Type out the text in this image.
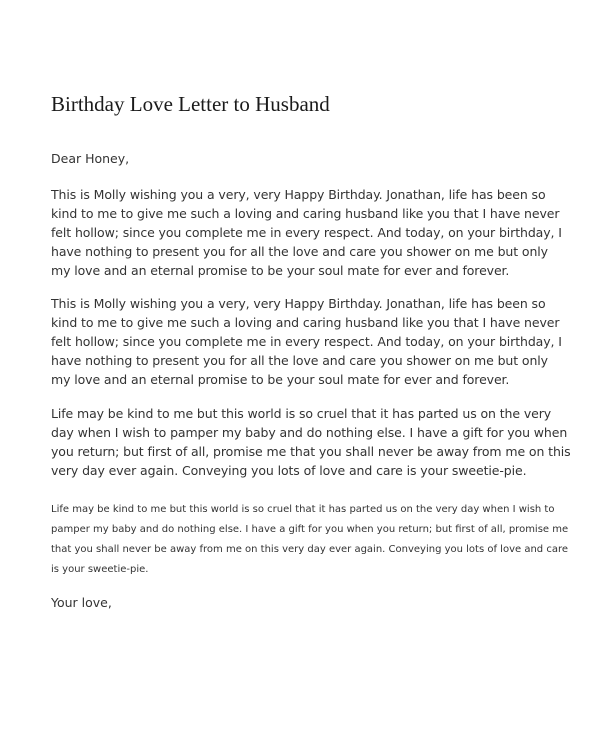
Birthday Love Letter to Husband

Dear Honey,

This is Molly wishing you a very, very Happy Birthday. Jonathan, life has been so kind to me to give me such a loving and caring husband like you that I have never felt hollow; since you complete me in every respect. And today, on your birthday, I have nothing to present you for all the love and care you shower on me but only my love and an eternal promise to be your soul mate for ever and forever.

This is Molly wishing you a very, very Happy Birthday. Jonathan, life has been so kind to me to give me such a loving and caring husband like you that I have never felt hollow; since you complete me in every respect. And today, on your birthday, I have nothing to present you for all the love and care you shower on me but only my love and an eternal promise to be your soul mate for ever and forever.

Life may be kind to me but this world is so cruel that it has parted us on the very day when I wish to pamper my baby and do nothing else. I have a gift for you when you return; but first of all, promise me that you shall never be away from me on this very day ever again. Conveying you lots of love and care is your sweetie-pie.

Life may be kind to me but this world is so cruel that it has parted us on the very day when I wish to pamper my baby and do nothing else. I have a gift for you when you return; but first of all, promise me that you shall never be away from me on this very day ever again. Conveying you lots of love and care is your sweetie-pie.

Your love,
